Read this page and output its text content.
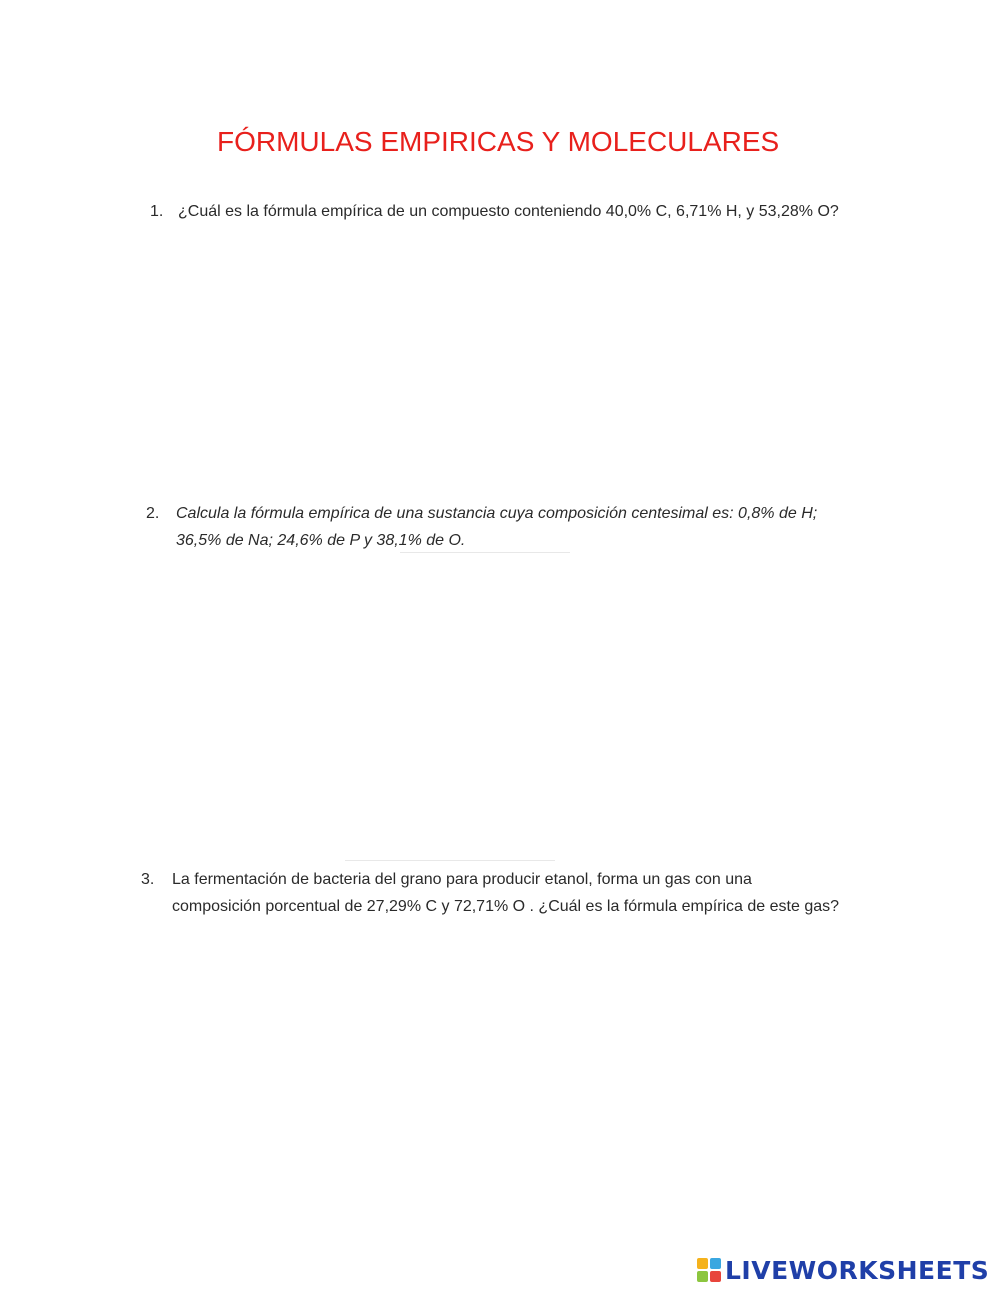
FÓRMULAS EMPIRICAS Y MOLECULARES
1. ¿Cuál es la fórmula empírica de un compuesto conteniendo 40,0% C, 6,71% H, y 53,28% O?
2. Calcula la fórmula empírica de una sustancia cuya composición centesimal es: 0,8% de H;
36,5% de Na; 24,6% de P y 38,1% de O.
3. La fermentación de bacteria del grano para producir etanol, forma un gas con una
composición porcentual de 27,29% C y 72,71% O . ¿Cuál es la fórmula empírica de este gas?
LIVEWORKSHEETS
